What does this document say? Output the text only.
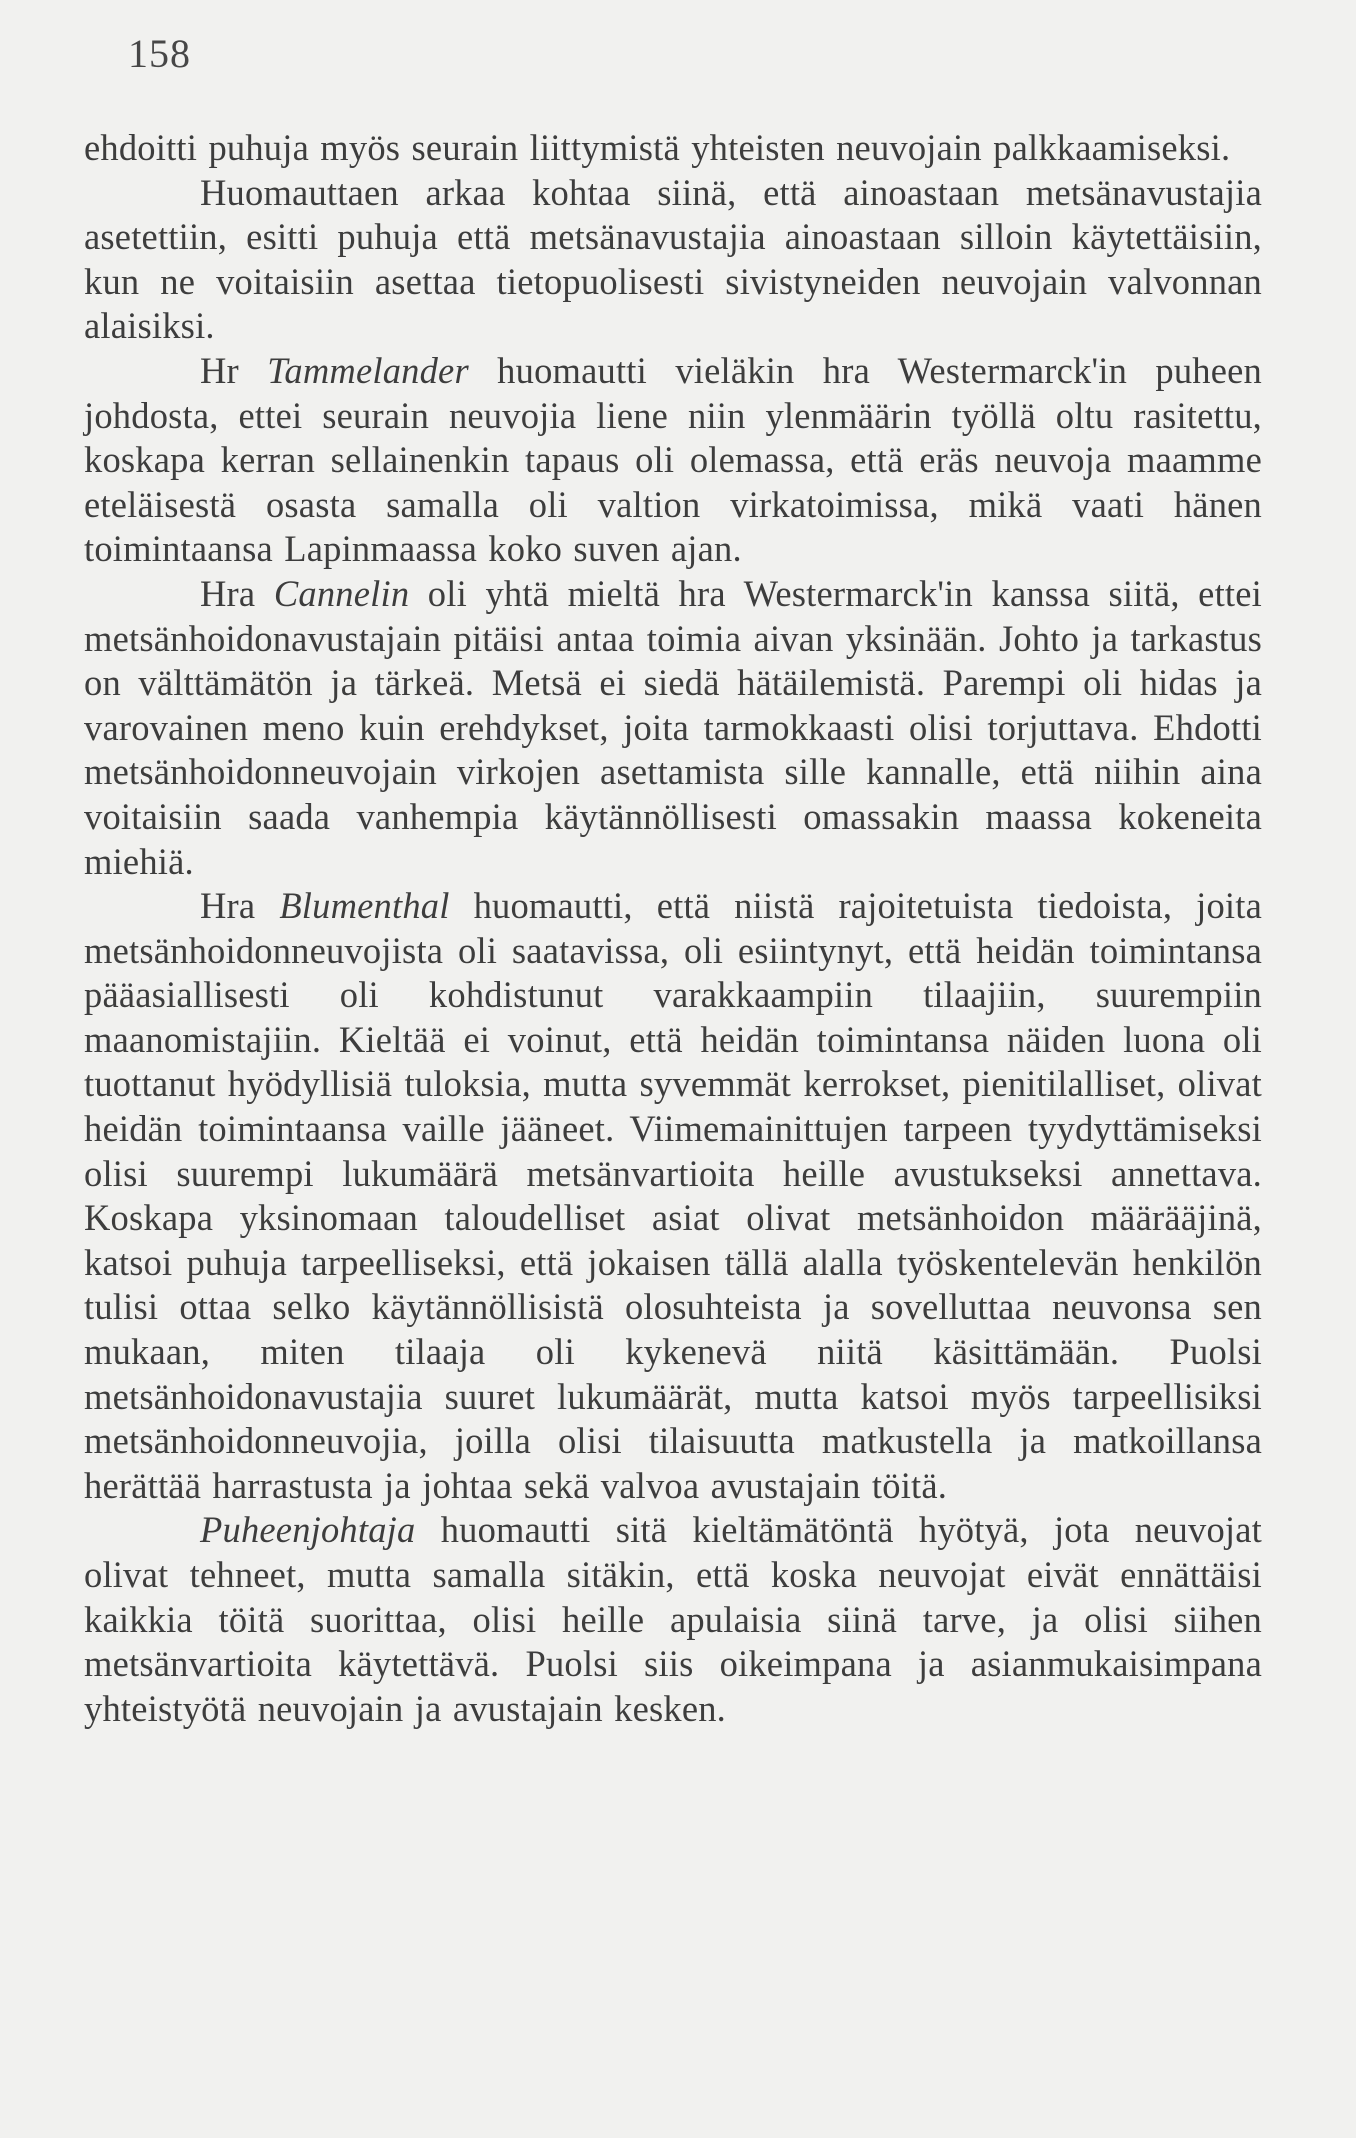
158

ehdoitti puhuja myös seurain liittymistä yhteisten neuvojain palkkaamiseksi.

Huomauttaen arkaa kohtaa siinä, että ainoastaan metsänavustajia asetettiin, esitti puhuja että metsänavustajia ainoastaan silloin käytettäisiin, kun ne voitaisiin asettaa tietopuolisesti sivistyneiden neuvojain valvonnan alaisiksi.

Hr Tammelander huomautti vieläkin hra Westermarck'in puheen johdosta, ettei seurain neuvojia liene niin ylenmäärin työllä oltu rasitettu, koskapa kerran sellainenkin tapaus oli olemassa, että eräs neuvoja maamme eteläisestä osasta samalla oli valtion virkatoimissa, mikä vaati hänen toimintaansa Lapinmaassa koko suven ajan.

Hra Cannelin oli yhtä mieltä hra Westermarck'in kanssa siitä, ettei metsänhoidonavustajain pitäisi antaa toimia aivan yksinään. Johto ja tarkastus on välttämätön ja tärkeä. Metsä ei siedä hätäilemistä. Parempi oli hidas ja varovainen meno kuin erehdykset, joita tarmokkaasti olisi torjuttava. Ehdotti metsänhoidonneuvojain virkojen asettamista sille kannalle, että niihin aina voitaisiin saada vanhempia käytännöllisesti omassakin maassa kokeneita miehiä.

Hra Blumenthal huomautti, että niistä rajoitetuista tiedoista, joita metsänhoidonneuvojista oli saatavissa, oli esiintynyt, että heidän toimintansa pääasiallisesti oli kohdistunut varakkaampiin tilaajiin, suurempiin maanomistajiin. Kieltää ei voinut, että heidän toimintansa näiden luona oli tuottanut hyödyllisiä tuloksia, mutta syvemmät kerrokset, pienitilalliset, olivat heidän toimintaansa vaille jääneet. Viimemainittujen tarpeen tyydyttämiseksi olisi suurempi lukumäärä metsänvartioita heille avustukseksi annettava. Koskapa yksinomaan taloudelliset asiat olivat metsänhoidon määrääjinä, katsoi puhuja tarpeelliseksi, että jokaisen tällä alalla työskentelevän henkilön tulisi ottaa selko käytännöllisistä olosuhteista ja sovelluttaa neuvonsa sen mukaan, miten tilaaja oli kykenevä niitä käsittämään. Puolsi metsänhoidonavustajia suuret lukumäärät, mutta katsoi myös tarpeellisiksi metsänhoidonneuvojia, joilla olisi tilaisuutta matkustella ja matkoillansa herättää harrastusta ja johtaa sekä valvoa avustajain töitä.

Puheenjohtaja huomautti sitä kieltämätöntä hyötyä, jota neuvojat olivat tehneet, mutta samalla sitäkin, että koska neuvojat eivät ennättäisi kaikkia töitä suorittaa, olisi heille apulaisia siinä tarve, ja olisi siihen metsänvartioita käytettävä. Puolsi siis oikeimpana ja asianmukaisimpana yhteistyötä neuvojain ja avustajain kesken.
